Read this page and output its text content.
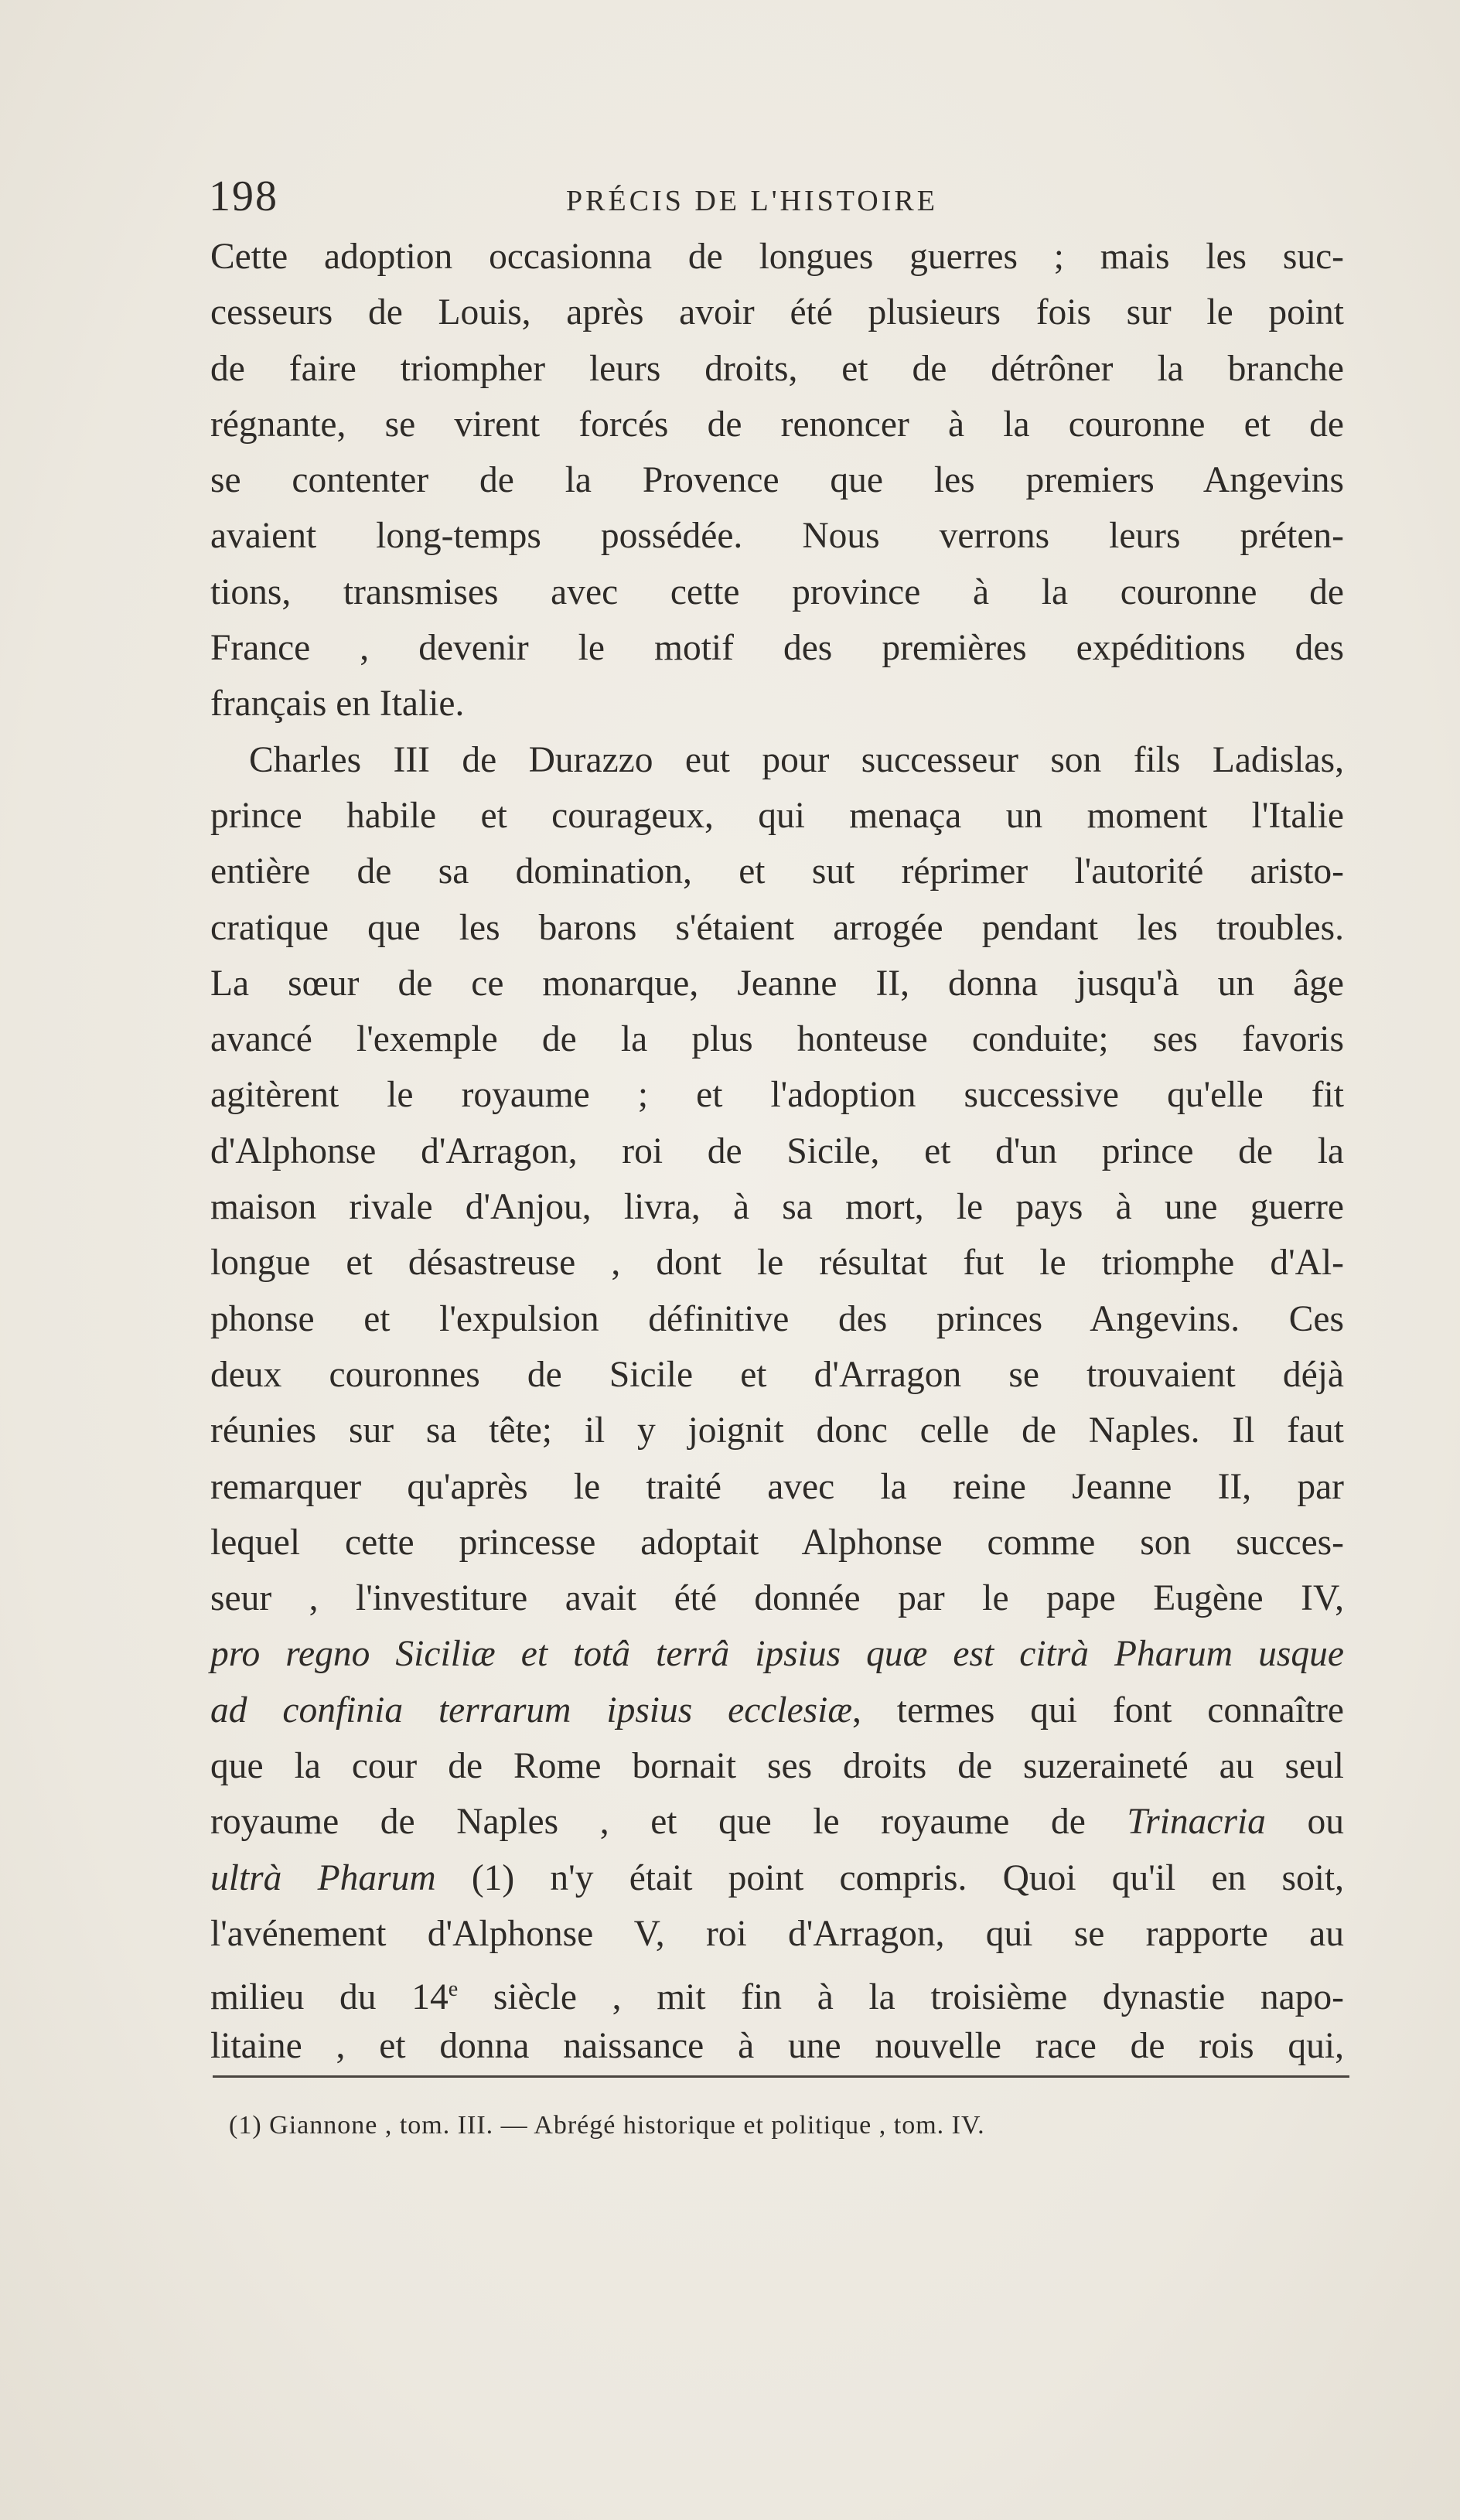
198	PRÉCIS DE L'HISTOIRE
Cette adoption occasionna de longues guerres ; mais les suc-
cesseurs de Louis, après avoir été plusieurs fois sur le point
de faire triompher leurs droits, et de détrôner la branche
régnante, se virent forcés de renoncer à la couronne et de
se contenter de la Provence que les premiers Angevins
avaient long-temps possédée. Nous verrons leurs préten-
tions, transmises avec cette province à la couronne de
France , devenir le motif des premières expéditions des
français en Italie.
Charles III de Durazzo eut pour successeur son fils Ladislas,
prince habile et courageux, qui menaça un moment l'Italie
entière de sa domination, et sut réprimer l'autorité aristo-
cratique que les barons s'étaient arrogée pendant les troubles.
La sœur de ce monarque, Jeanne II, donna jusqu'à un âge
avancé l'exemple de la plus honteuse conduite; ses favoris
agitèrent le royaume ; et l'adoption successive qu'elle fit
d'Alphonse d'Arragon, roi de Sicile, et d'un prince de la
maison rivale d'Anjou, livra, à sa mort, le pays à une guerre
longue et désastreuse , dont le résultat fut le triomphe d'Al-
phonse et l'expulsion définitive des princes Angevins. Ces
deux couronnes de Sicile et d'Arragon se trouvaient déjà
réunies sur sa tête; il y joignit donc celle de Naples. Il faut
remarquer qu'après le traité avec la reine Jeanne II, par
lequel cette princesse adoptait Alphonse comme son succes-
seur , l'investiture avait été donnée par le pape Eugène IV,
pro regno Siciliæ et totâ terrâ ipsius quæ est citrà Pharum usque
ad confinia terrarum ipsius ecclesiæ, termes qui font connaître
que la cour de Rome bornait ses droits de suzeraineté au seul
royaume de Naples , et que le royaume de Trinacria ou
ultrà Pharum (1) n'y était point compris. Quoi qu'il en soit,
l'avénement d'Alphonse V, roi d'Arragon, qui se rapporte au
milieu du 14e siècle , mit fin à la troisième dynastie napo-
litaine , et donna naissance à une nouvelle race de rois qui,
(1) Giannone , tom. III. — Abrégé historique et politique , tom. IV.
